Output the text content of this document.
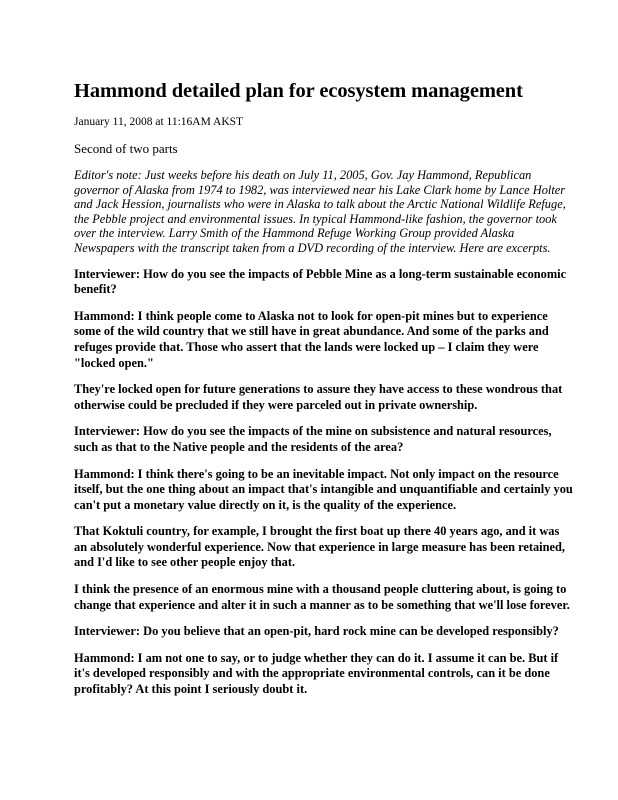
Hammond detailed plan for ecosystem management
January 11, 2008 at 11:16AM AKST
Second of two parts
Editor's note: Just weeks before his death on July 11, 2005, Gov. Jay Hammond, Republican governor of Alaska from 1974 to 1982, was interviewed near his Lake Clark home by Lance Holter and Jack Hession, journalists who were in Alaska to talk about the Arctic National Wildlife Refuge, the Pebble project and environmental issues. In typical Hammond-like fashion, the governor took over the interview. Larry Smith of the Hammond Refuge Working Group provided Alaska Newspapers with the transcript taken from a DVD recording of the interview. Here are excerpts.

Interviewer: How do you see the impacts of Pebble Mine as a long-term sustainable economic benefit?

Hammond: I think people come to Alaska not to look for open-pit mines but to experience some of the wild country that we still have in great abundance. And some of the parks and refuges provide that. Those who assert that the lands were locked up – I claim they were "locked open."

They're locked open for future generations to assure they have access to these wondrous that otherwise could be precluded if they were parceled out in private ownership.

Interviewer: How do you see the impacts of the mine on subsistence and natural resources, such as that to the Native people and the residents of the area?

Hammond: I think there's going to be an inevitable impact. Not only impact on the resource itself, but the one thing about an impact that's intangible and unquantifiable and certainly you can't put a monetary value directly on it, is the quality of the experience.

That Koktuli country, for example, I brought the first boat up there 40 years ago, and it was an absolutely wonderful experience. Now that experience in large measure has been retained, and I'd like to see other people enjoy that.

I think the presence of an enormous mine with a thousand people cluttering about, is going to change that experience and alter it in such a manner as to be something that we'll lose forever.

Interviewer: Do you believe that an open-pit, hard rock mine can be developed responsibly?

Hammond: I am not one to say, or to judge whether they can do it. I assume it can be. But if it's developed responsibly and with the appropriate environmental controls, can it be done profitably? At this point I seriously doubt it.
